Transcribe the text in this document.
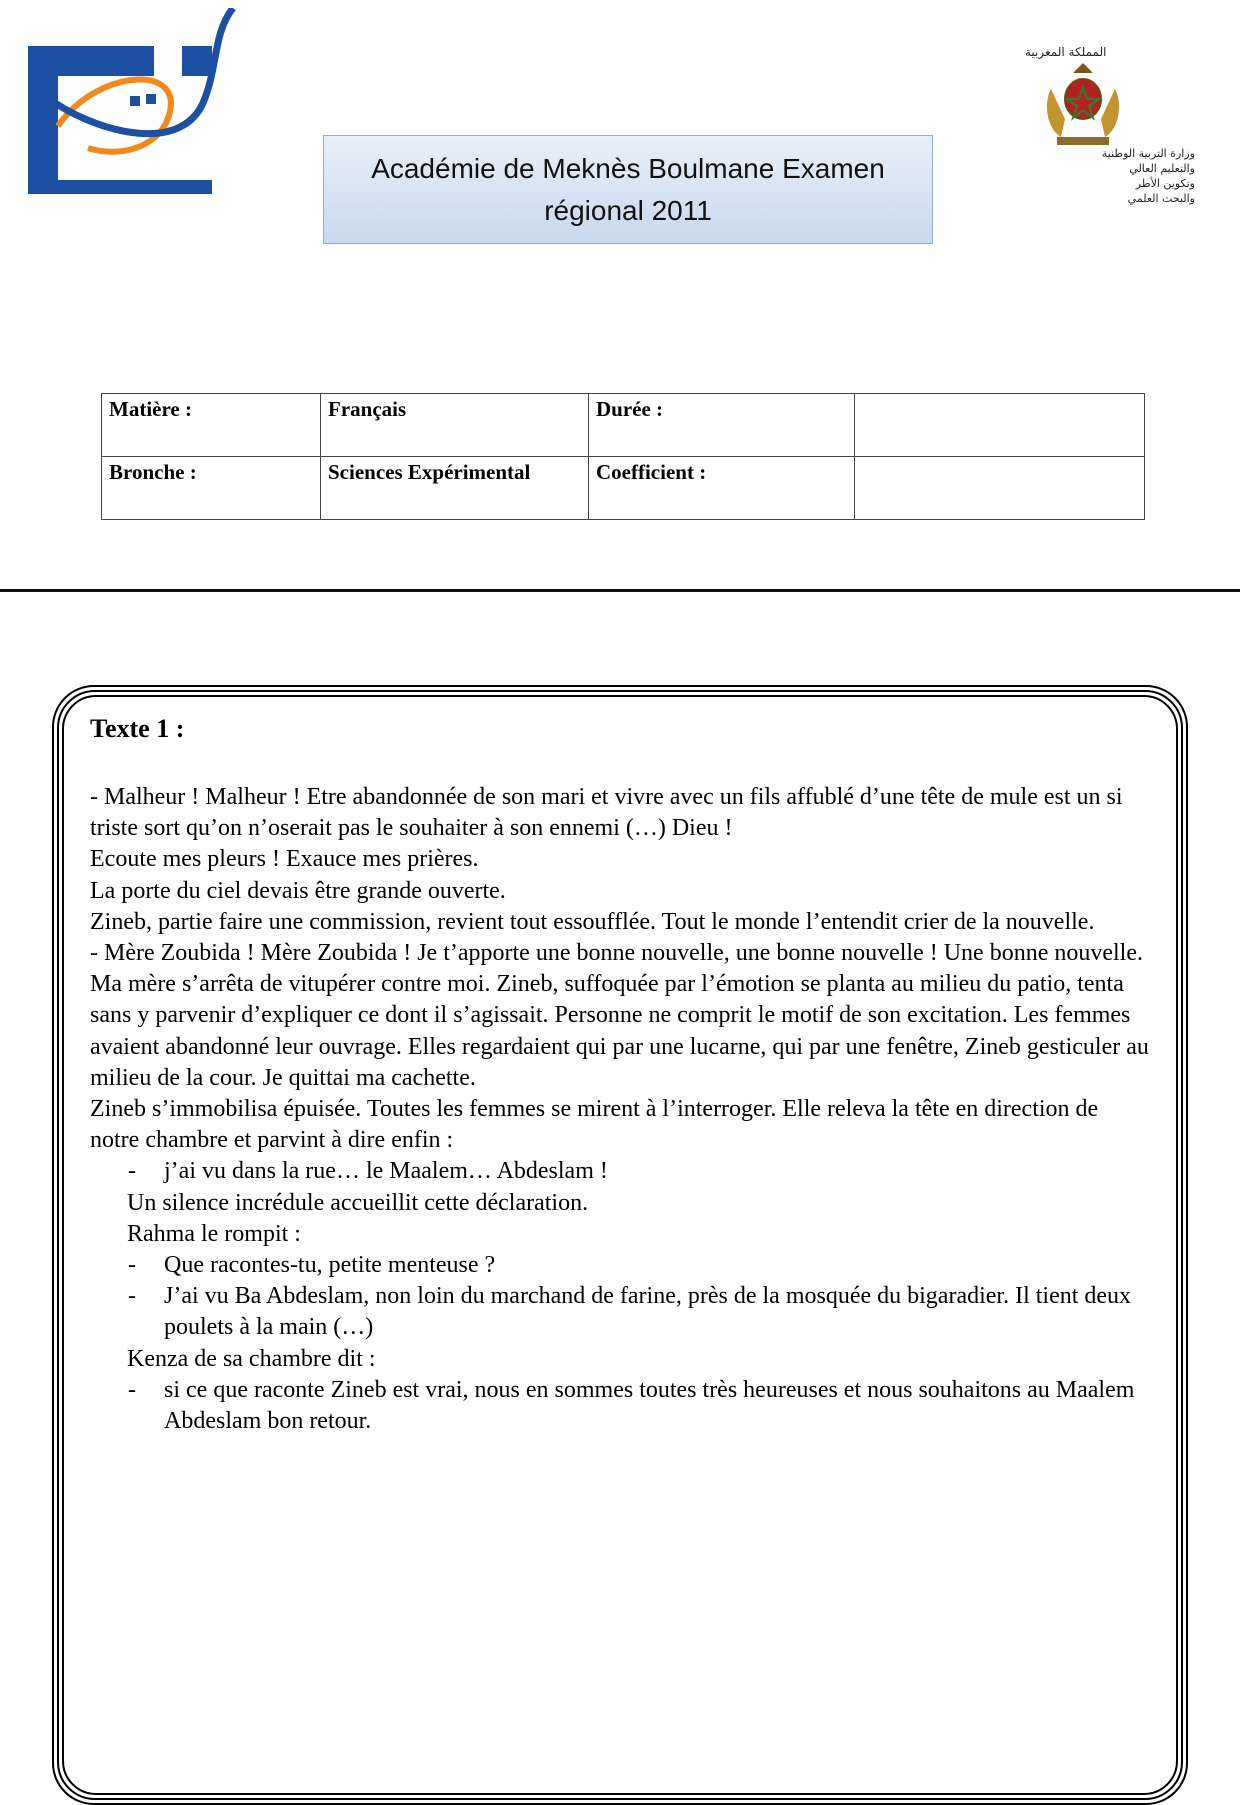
Académie de Meknès Boulmane Examen régional 2011
المملكة المغربية
وزارة التربية الوطنية
والتعليم العالي
وتكوين الأطر
والبحث العلمي
Matière :	Français	Durée :	
Bronche :	Sciences Expérimental	Coefficient :	
Texte 1 :

- Malheur ! Malheur ! Etre abandonnée de son mari et vivre avec un fils affublé d’une tête de mule est un si triste sort qu’on n’oserait pas le souhaiter à son ennemi (…) Dieu !

Ecoute mes pleurs ! Exauce mes prières.

La porte du ciel devais être grande ouverte.

Zineb, partie faire une commission, revient tout essoufflée. Tout le monde l’entendit crier de la nouvelle.

- Mère Zoubida ! Mère Zoubida ! Je t’apporte une bonne nouvelle, une bonne nouvelle ! Une bonne nouvelle.

Ma mère s’arrêta de vitupérer contre moi. Zineb, suffoquée par l’émotion se planta au milieu du patio, tenta sans y parvenir d’expliquer ce dont il s’agissait. Personne ne comprit le motif de son excitation. Les femmes avaient abandonné leur ouvrage. Elles regardaient qui par une lucarne, qui par une fenêtre, Zineb gesticuler au milieu de la cour. Je quittai ma cachette.

Zineb s’immobilisa épuisée. Toutes les femmes se mirent à l’interroger. Elle releva la tête en direction de notre chambre et parvint à dire enfin :

- j’ai vu dans la rue… le Maalem… Abdeslam !

Un silence incrédule accueillit cette déclaration.

Rahma le rompit :

- Que racontes-tu, petite menteuse ?

- J’ai vu Ba Abdeslam, non loin du marchand de farine, près de la mosquée du bigaradier. Il tient deux poulets à la main (…)

Kenza de sa chambre dit :

- si ce que raconte Zineb est vrai, nous en sommes toutes très heureuses et nous souhaitons au Maalem Abdeslam bon retour.
